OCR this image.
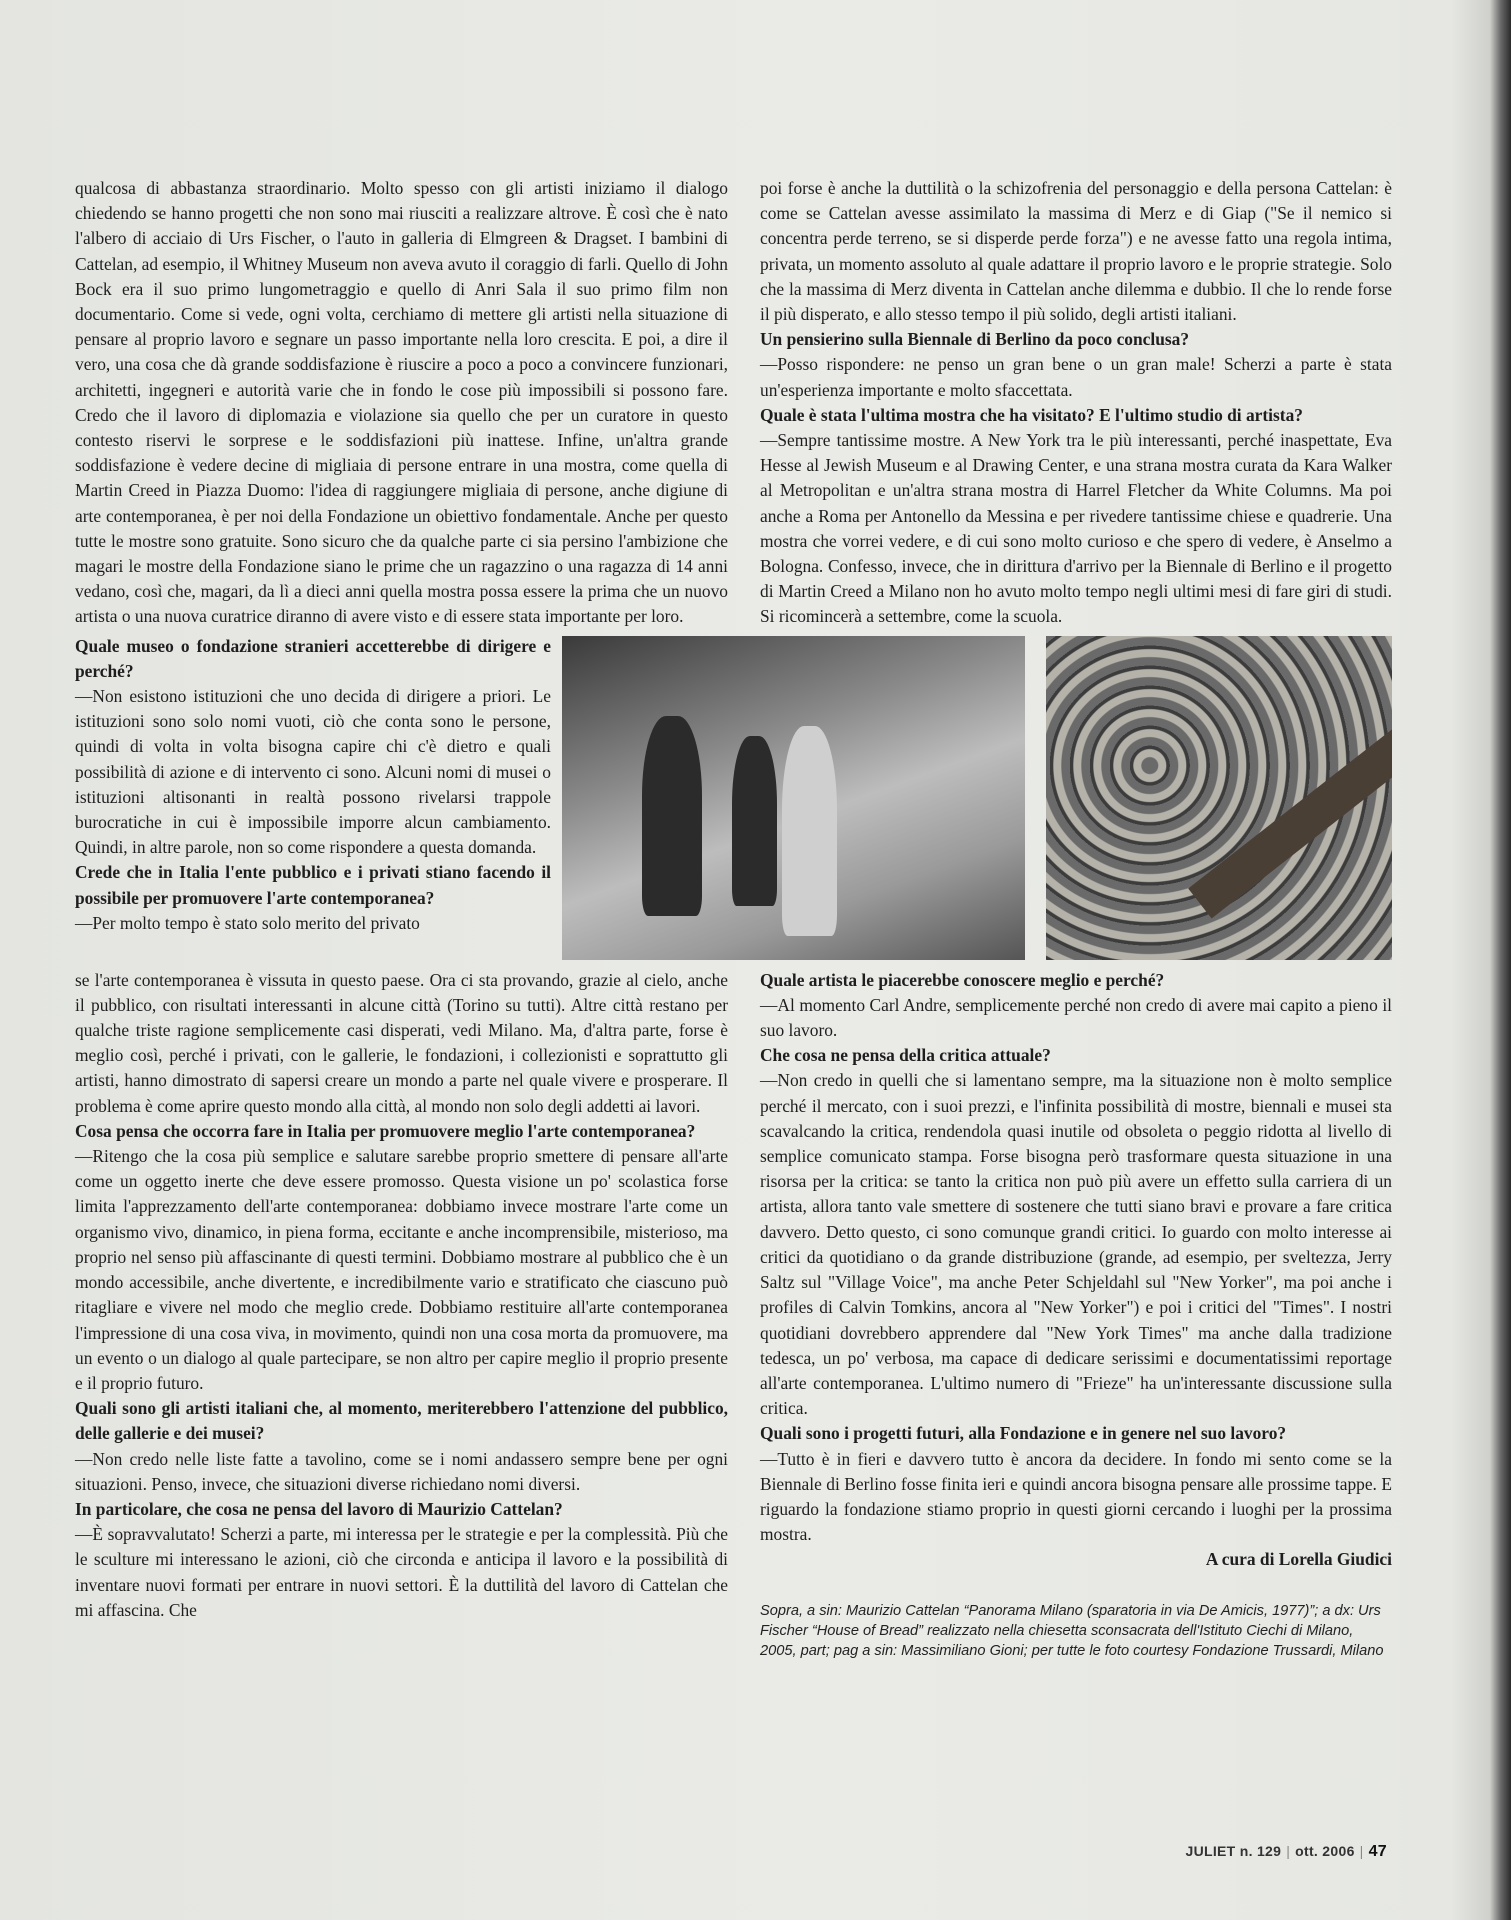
qualcosa di abbastanza straordinario. Molto spesso con gli artisti iniziamo il dialogo chiedendo se hanno progetti che non sono mai riusciti a realizzare altrove. È così che è nato l'albero di acciaio di Urs Fischer, o l'auto in galleria di Elmgreen & Dragset. I bambini di Cattelan, ad esempio, il Whitney Museum non aveva avuto il coraggio di farli. Quello di John Bock era il suo primo lungometraggio e quello di Anri Sala il suo primo film non documentario. Come si vede, ogni volta, cerchiamo di mettere gli artisti nella situazione di pensare al proprio lavoro e segnare un passo importante nella loro crescita. E poi, a dire il vero, una cosa che dà grande soddisfazione è riuscire a poco a poco a convincere funzionari, architetti, ingegneri e autorità varie che in fondo le cose più impossibili si possono fare. Credo che il lavoro di diplomazia e violazione sia quello che per un curatore in questo contesto riservi le sorprese e le soddisfazioni più inattese. Infine, un'altra grande soddisfazione è vedere decine di migliaia di persone entrare in una mostra, come quella di Martin Creed in Piazza Duomo: l'idea di raggiungere migliaia di persone, anche digiune di arte contemporanea, è per noi della Fondazione un obiettivo fondamentale. Anche per questo tutte le mostre sono gratuite. Sono sicuro che da qualche parte ci sia persino l'ambizione che magari le mostre della Fondazione siano le prime che un ragazzino o una ragazza di 14 anni vedano, così che, magari, da lì a dieci anni quella mostra possa essere la prima che un nuovo artista o una nuova curatrice diranno di avere visto e di essere stata importante per loro.

poi forse è anche la duttilità o la schizofrenia del personaggio e della persona Cattelan: è come se Cattelan avesse assimilato la massima di Merz e di Giap ("Se il nemico si concentra perde terreno, se si disperde perde forza") e ne avesse fatto una regola intima, privata, un momento assoluto al quale adattare il proprio lavoro e le proprie strategie. Solo che la massima di Merz diventa in Cattelan anche dilemma e dubbio. Il che lo rende forse il più disperato, e allo stesso tempo il più solido, degli artisti italiani.

Un pensierino sulla Biennale di Berlino da poco conclusa?

—Posso rispondere: ne penso un gran bene o un gran male! Scherzi a parte è stata un'esperienza importante e molto sfaccettata.

Quale è stata l'ultima mostra che ha visitato? E l'ultimo studio di artista?

—Sempre tantissime mostre. A New York tra le più interessanti, perché inaspettate, Eva Hesse al Jewish Museum e al Drawing Center, e una strana mostra curata da Kara Walker al Metropolitan e un'altra strana mostra di Harrel Fletcher da White Columns. Ma poi anche a Roma per Antonello da Messina e per rivedere tantissime chiese e quadrerie. Una mostra che vorrei vedere, e di cui sono molto curioso e che spero di vedere, è Anselmo a Bologna. Confesso, invece, che in dirittura d'arrivo per la Biennale di Berlino e il progetto di Martin Creed a Milano non ho avuto molto tempo negli ultimi mesi di fare giri di studi. Si ricomincerà a settembre, come la scuola.

Quale museo o fondazione stranieri accetterebbe di dirigere e perché?

—Non esistono istituzioni che uno decida di dirigere a priori. Le istituzioni sono solo nomi vuoti, ciò che conta sono le persone, quindi di volta in volta bisogna capire chi c'è dietro e quali possibilità di azione e di intervento ci sono. Alcuni nomi di musei o istituzioni altisonanti in realtà possono rivelarsi trappole burocratiche in cui è impossibile imporre alcun cambiamento. Quindi, in altre parole, non so come rispondere a questa domanda.

Crede che in Italia l'ente pubblico e i privati stiano facendo il possibile per promuovere l'arte contemporanea?

—Per molto tempo è stato solo merito del privato

se l'arte contemporanea è vissuta in questo paese. Ora ci sta provando, grazie al cielo, anche il pubblico, con risultati interessanti in alcune città (Torino su tutti). Altre città restano per qualche triste ragione semplicemente casi disperati, vedi Milano. Ma, d'altra parte, forse è meglio così, perché i privati, con le gallerie, le fondazioni, i collezionisti e soprattutto gli artisti, hanno dimostrato di sapersi creare un mondo a parte nel quale vivere e prosperare. Il problema è come aprire questo mondo alla città, al mondo non solo degli addetti ai lavori.

Cosa pensa che occorra fare in Italia per promuovere meglio l'arte contemporanea?

—Ritengo che la cosa più semplice e salutare sarebbe proprio smettere di pensare all'arte come un oggetto inerte che deve essere promosso. Questa visione un po' scolastica forse limita l'apprezzamento dell'arte contemporanea: dobbiamo invece mostrare l'arte come un organismo vivo, dinamico, in piena forma, eccitante e anche incomprensibile, misterioso, ma proprio nel senso più affascinante di questi termini. Dobbiamo mostrare al pubblico che è un mondo accessibile, anche divertente, e incredibilmente vario e stratificato che ciascuno può ritagliare e vivere nel modo che meglio crede. Dobbiamo restituire all'arte contemporanea l'impressione di una cosa viva, in movimento, quindi non una cosa morta da promuovere, ma un evento o un dialogo al quale partecipare, se non altro per capire meglio il proprio presente e il proprio futuro.

Quali sono gli artisti italiani che, al momento, meriterebbero l'attenzione del pubblico, delle gallerie e dei musei?

—Non credo nelle liste fatte a tavolino, come se i nomi andassero sempre bene per ogni situazioni. Penso, invece, che situazioni diverse richiedano nomi diversi.

In particolare, che cosa ne pensa del lavoro di Maurizio Cattelan?

—È sopravvalutato! Scherzi a parte, mi interessa per le strategie e per la complessità. Più che le sculture mi interessano le azioni, ciò che circonda e anticipa il lavoro e la possibilità di inventare nuovi formati per entrare in nuovi settori. È la duttilità del lavoro di Cattelan che mi affascina. Che

Quale artista le piacerebbe conoscere meglio e perché?

—Al momento Carl Andre, semplicemente perché non credo di avere mai capito a pieno il suo lavoro.

Che cosa ne pensa della critica attuale?

—Non credo in quelli che si lamentano sempre, ma la situazione non è molto semplice perché il mercato, con i suoi prezzi, e l'infinita possibilità di mostre, biennali e musei sta scavalcando la critica, rendendola quasi inutile od obsoleta o peggio ridotta al livello di semplice comunicato stampa. Forse bisogna però trasformare questa situazione in una risorsa per la critica: se tanto la critica non può più avere un effetto sulla carriera di un artista, allora tanto vale smettere di sostenere che tutti siano bravi e provare a fare critica davvero. Detto questo, ci sono comunque grandi critici. Io guardo con molto interesse ai critici da quotidiano o da grande distribuzione (grande, ad esempio, per sveltezza, Jerry Saltz sul "Village Voice", ma anche Peter Schjeldahl sul "New Yorker", ma poi anche i profiles di Calvin Tomkins, ancora al "New Yorker") e poi i critici del "Times". I nostri quotidiani dovrebbero apprendere dal "New York Times" ma anche dalla tradizione tedesca, un po' verbosa, ma capace di dedicare serissimi e documentatissimi reportage all'arte contemporanea. L'ultimo numero di "Frieze" ha un'interessante discussione sulla critica.

Quali sono i progetti futuri, alla Fondazione e in genere nel suo lavoro?

—Tutto è in fieri e davvero tutto è ancora da decidere. In fondo mi sento come se la Biennale di Berlino fosse finita ieri e quindi ancora bisogna pensare alle prossime tappe. E riguardo la fondazione stiamo proprio in questi giorni cercando i luoghi per la prossima mostra.

A cura di Lorella Giudici

Sopra, a sin: Maurizio Cattelan “Panorama Milano (sparatoria in via De Amicis, 1977)”; a dx: Urs Fischer “House of Bread” realizzato nella chiesetta sconsacrata dell'Istituto Ciechi di Milano, 2005, part; pag a sin: Massimiliano Gioni; per tutte le foto courtesy Fondazione Trussardi, Milano
JULIET n. 129 | ott. 2006 | 47
